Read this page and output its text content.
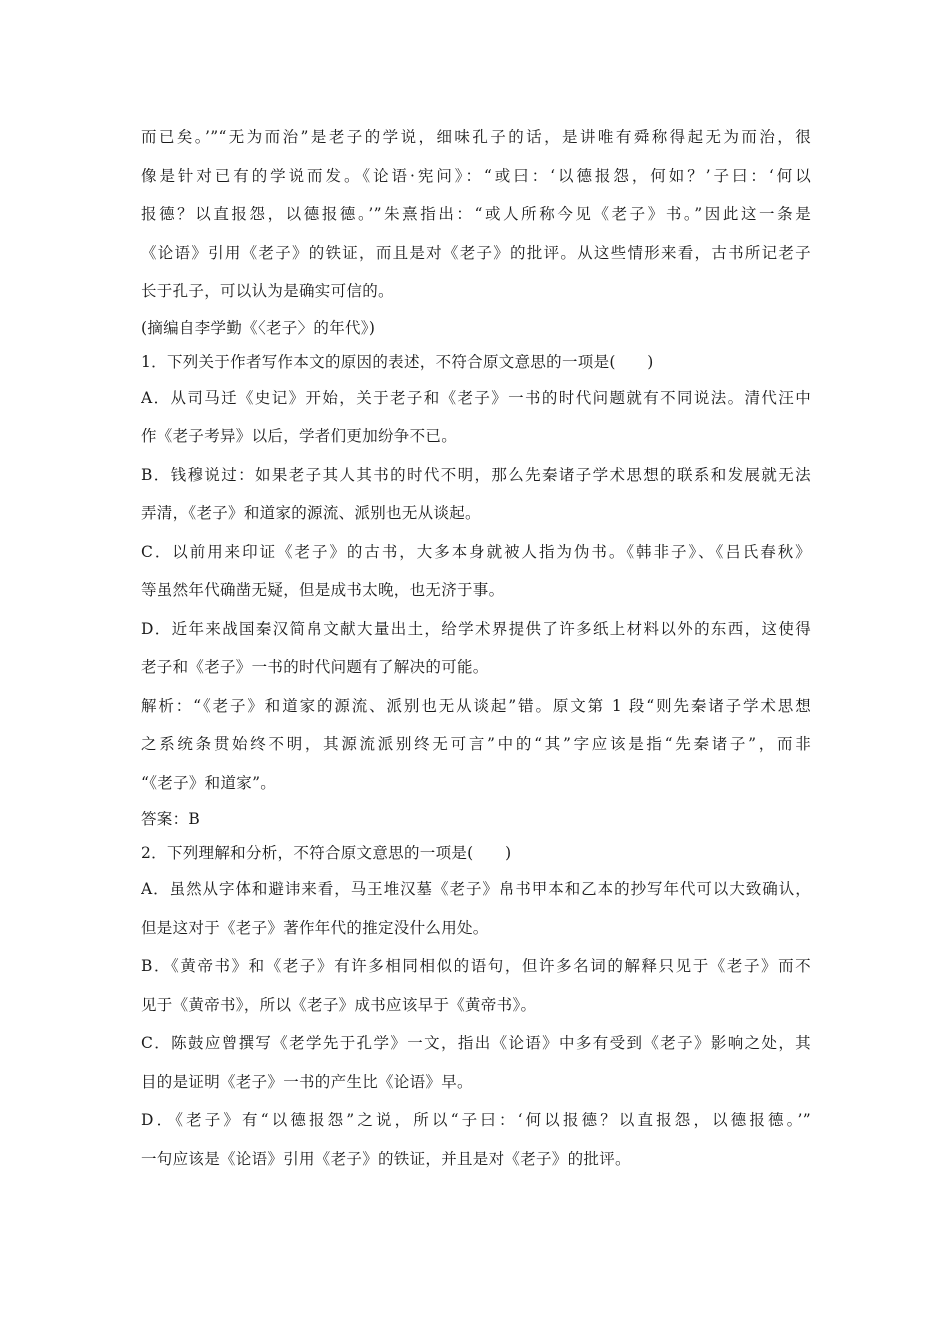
而已矣。’”“无为而治”是老子的学说，细味孔子的话，是讲唯有舜称得起无为而治，很
像是针对已有的学说而发。《论语·宪问》：“或曰：‘以德报怨，何如？’子曰：‘何以
报德？以直报怨，以德报德。’”朱熹指出：“或人所称今见《老子》书。”因此这一条是
《论语》引用《老子》的铁证，而且是对《老子》的批评。从这些情形来看，古书所记老子
长于孔子，可以认为是确实可信的。
(摘编自李学勤《〈老子〉的年代》)
1．下列关于作者写作本文的原因的表述，不符合原文意思的一项是(　　)
A．从司马迁《史记》开始，关于老子和《老子》一书的时代问题就有不同说法。清代汪中
作《老子考异》以后，学者们更加纷争不已。
B．钱穆说过：如果老子其人其书的时代不明，那么先秦诸子学术思想的联系和发展就无法
弄清，《老子》和道家的源流、派别也无从谈起。
C．以前用来印证《老子》的古书，大多本身就被人指为伪书。《韩非子》、《吕氏春秋》
等虽然年代确凿无疑，但是成书太晚，也无济于事。
D．近年来战国秦汉简帛文献大量出土，给学术界提供了许多纸上材料以外的东西，这使得
老子和《老子》一书的时代问题有了解决的可能。
解析：“《老子》和道家的源流、派别也无从谈起”错。原文第 1 段“则先秦诸子学术思想
之系统条贯始终不明，其源流派别终无可言”中的“其”字应该是指“先秦诸子”，而非
“《老子》和道家”。
答案：B
2．下列理解和分析，不符合原文意思的一项是(　　)
A．虽然从字体和避讳来看，马王堆汉墓《老子》帛书甲本和乙本的抄写年代可以大致确认，
但是这对于《老子》著作年代的推定没什么用处。
B．《黄帝书》和《老子》有许多相同相似的语句，但许多名词的解释只见于《老子》而不
见于《黄帝书》，所以《老子》成书应该早于《黄帝书》。
C．陈鼓应曾撰写《老学先于孔学》一文，指出《论语》中多有受到《老子》影响之处，其
目的是证明《老子》一书的产生比《论语》早。
D．《老子》有“以德报怨”之说，所以“子曰：‘何以报德？以直报怨，以德报德。’”
一句应该是《论语》引用《老子》的铁证，并且是对《老子》的批评。
